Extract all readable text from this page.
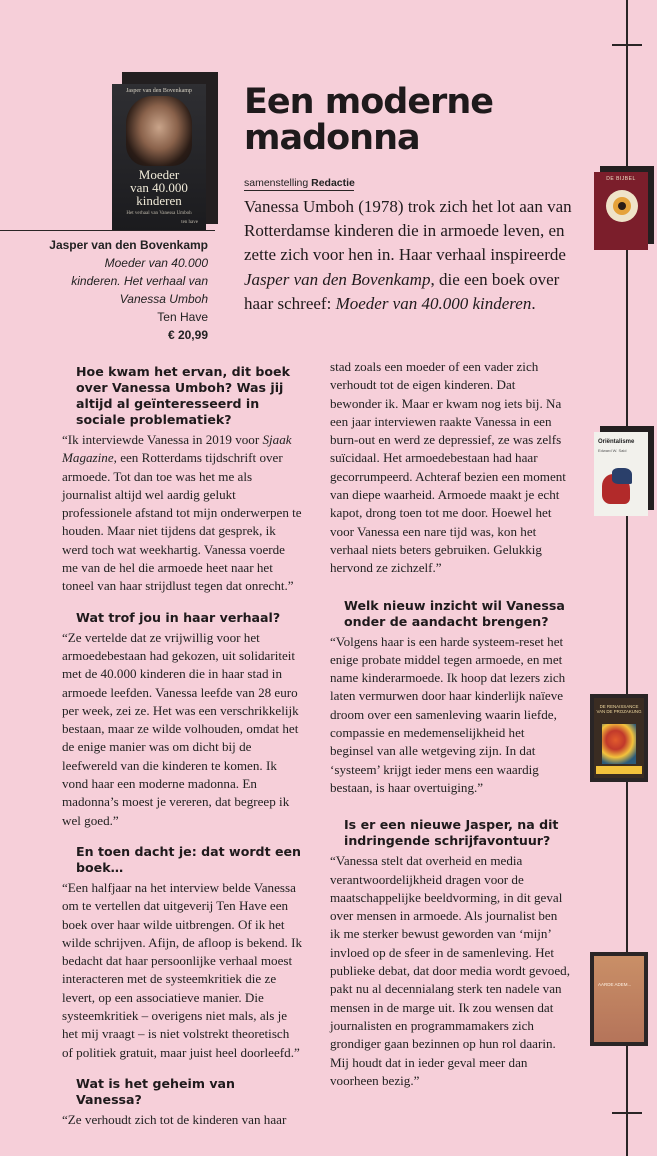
Jasper van den Bovenkamp
Moeder
van 40.000
kinderen
Het verhaal van Vanessa Umboh
ten have
Jasper van den Bovenkamp
Moeder van 40.000
kinderen. Het verhaal van
Vanessa Umboh
Ten Have
€ 20,99
Een moderne
madonna
samenstelling Redactie

Vanessa Umboh (1978) trok zich het lot aan van Rotterdamse kinderen die in armoede leven, en zette zich voor hen in. Haar verhaal inspireerde Jasper van den Bovenkamp, die een boek over haar schreef: Moeder van 40.000 kinderen.

Hoe kwam het ervan, dit boek over Vanessa Umboh? Was jij altijd al geïnteresseerd in sociale problematiek?

“Ik interviewde Vanessa in 2019 voor Sjaak Magazine, een Rotterdams tijdschrift over armoede. Tot dan toe was het me als journalist altijd wel aardig gelukt professionele afstand tot mijn onderwerpen te houden. Maar niet tijdens dat gesprek, ik werd toch wat weekhartig. Vanessa voerde me van de hel die armoede heet naar het toneel van haar strijdlust tegen dat onrecht.”

Wat trof jou in haar verhaal?

“Ze vertelde dat ze vrijwillig voor het armoedebestaan had gekozen, uit solidariteit met de 40.000 kinderen die in haar stad in armoede leefden. Vanessa leefde van 28 euro per week, zei ze. Het was een verschrikkelijk bestaan, maar ze wilde volhouden, omdat het de enige manier was om dicht bij de leefwereld van die kinderen te komen. Ik vond haar een moderne madonna. En madonna’s moest je vereren, dat begreep ik wel goed.”

En toen dacht je: dat wordt een boek…

“Een halfjaar na het interview belde Vanessa om te vertellen dat uitgeverij Ten Have een boek over haar wilde uitbrengen. Of ik het wilde schrijven. Afijn, de afloop is bekend. Ik bedacht dat haar persoonlijke verhaal moest interacteren met de systeemkritiek die ze levert, op een associatieve manier. Die systeemkritiek – overigens niet mals, als je het mij vraagt – is niet volstrekt theoretisch of politiek gratuit, maar juist heel doorleefd.”

Wat is het geheim van Vanessa?

“Ze verhoudt zich tot de kinderen van haar

stad zoals een moeder of een vader zich verhoudt tot de eigen kinderen. Dat bewonder ik. Maar er kwam nog iets bij. Na een jaar interviewen raakte Vanessa in een burn-out en werd ze depressief, ze was zelfs suïcidaal. Het armoedebestaan had haar gecorrumpeerd. Achteraf bezien een moment van diepe waarheid. Armoede maakt je echt kapot, drong toen tot me door. Hoewel het voor Vanessa een nare tijd was, kon het verhaal niets beters gebruiken. Gelukkig hervond ze zichzelf.”

Welk nieuw inzicht wil Vanessa onder de aandacht brengen?

“Volgens haar is een harde systeem-reset het enige probate middel tegen armoede, en met name kinderarmoede. Ik hoop dat lezers zich laten vermurwen door haar kinderlijk naïeve droom over een samenleving waarin liefde, compassie en medemenselijkheid het beginsel van alle wetgeving zijn. In dat ‘systeem’ krijgt ieder mens een waardig bestaan, is haar overtuiging.”

Is er een nieuwe Jasper, na dit indringende schrijfavontuur?

“Vanessa stelt dat overheid en media verantwoordelijkheid dragen voor de maatschappelijke beeldvorming, in dit geval over mensen in armoede. Als journalist ben ik me sterker bewust geworden van ‘mijn’ invloed op de sfeer in de samenleving. Het publieke debat, dat door media wordt gevoed, pakt nu al decennialang sterk ten nadele van mensen in de marge uit. Ik zou wensen dat journalisten en programmamakers zich grondiger gaan bezinnen op hun rol daarin. Mij houdt dat in ieder geval meer dan voorheen bezig.”

DE BIJBEL
Oriëntalisme
Edward W. Said
DE RENAISSANCE VAN DE PROZAKUNG
AARDE ADEM...
